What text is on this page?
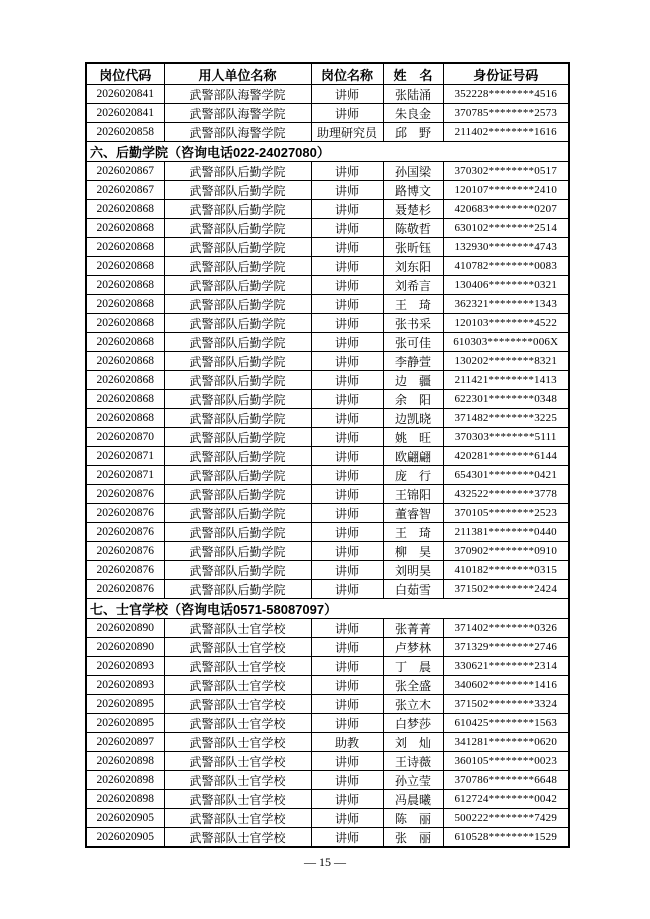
岗位代码	用人单位名称	岗位名称	姓　名	身份证号码
2026020841	武警部队海警学院	讲师	张陆涌	352228********4516
2026020841	武警部队海警学院	讲师	朱良金	370785********2573
2026020858	武警部队海警学院	助理研究员	邱　野	211402********1616
六、后勤学院（咨询电话022-24027080）				
2026020867	武警部队后勤学院	讲师	孙国梁	370302********0517
2026020867	武警部队后勤学院	讲师	路博文	120107********2410
2026020868	武警部队后勤学院	讲师	聂楚杉	420683********0207
2026020868	武警部队后勤学院	讲师	陈敬哲	630102********2514
2026020868	武警部队后勤学院	讲师	张昕钰	132930********4743
2026020868	武警部队后勤学院	讲师	刘东阳	410782********0083
2026020868	武警部队后勤学院	讲师	刘希言	130406********0321
2026020868	武警部队后勤学院	讲师	王　琦	362321********1343
2026020868	武警部队后勤学院	讲师	张书采	120103********4522
2026020868	武警部队后勤学院	讲师	张可佳	610303********006X
2026020868	武警部队后勤学院	讲师	李静萱	130202********8321
2026020868	武警部队后勤学院	讲师	边　疆	211421********1413
2026020868	武警部队后勤学院	讲师	余　阳	622301********0348
2026020868	武警部队后勤学院	讲师	边凯晓	371482********3225
2026020870	武警部队后勤学院	讲师	姚　旺	370303********5111
2026020871	武警部队后勤学院	讲师	欧翩翩	420281********6144
2026020871	武警部队后勤学院	讲师	庞　行	654301********0421
2026020876	武警部队后勤学院	讲师	王锦阳	432522********3778
2026020876	武警部队后勤学院	讲师	董睿智	370105********2523
2026020876	武警部队后勤学院	讲师	王　琦	211381********0440
2026020876	武警部队后勤学院	讲师	柳　昊	370902********0910
2026020876	武警部队后勤学院	讲师	刘明昊	410182********0315
2026020876	武警部队后勤学院	讲师	白茹雪	371502********2424
七、士官学校（咨询电话0571-58087097）				
2026020890	武警部队士官学校	讲师	张菁菁	371402********0326
2026020890	武警部队士官学校	讲师	卢梦林	371329********2746
2026020893	武警部队士官学校	讲师	丁　晨	330621********2314
2026020893	武警部队士官学校	讲师	张全盛	340602********1416
2026020895	武警部队士官学校	讲师	张立木	371502********3324
2026020895	武警部队士官学校	讲师	白梦莎	610425********1563
2026020897	武警部队士官学校	助教	刘　灿	341281********0620
2026020898	武警部队士官学校	讲师	王诗薇	360105********0023
2026020898	武警部队士官学校	讲师	孙立莹	370786********6648
2026020898	武警部队士官学校	讲师	冯晨曦	612724********0042
2026020905	武警部队士官学校	讲师	陈　丽	500222********7429
2026020905	武警部队士官学校	讲师	张　丽	610528********1529
— 15 —
